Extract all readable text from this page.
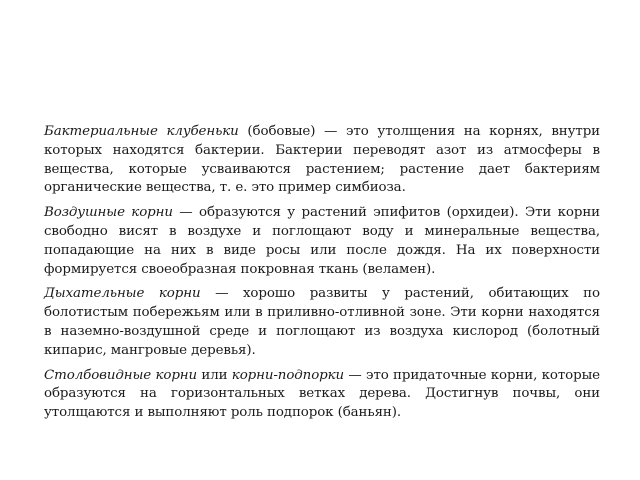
Бактериальные клубеньки (бобовые) — это утолщения на корнях, внутри которых находятся бактерии. Бактерии переводят азот из атмосферы в вещества, которые усваиваются растением; растение дает бактериям органические вещества, т. е. это пример симбиоза.

Воздушные корни — образуются у растений эпифитов (орхидеи). Эти корни свободно висят в воздухе и поглощают воду и минеральные вещества, попадающие на них в виде росы или после дождя. На их поверхности формируется своеобразная покровная ткань (веламен).

Дыхательные корни — хорошо развиты у растений, обитающих по болотистым побережьям или в приливно-отливной зоне. Эти корни находятся в наземно-воздушной среде и поглощают из воздуха кислород (болотный кипарис, мангровые деревья).

Столбовидные корни или корни-подпорки — это придаточные корни, которые образуются на горизонтальных ветках дерева. Достигнув почвы, они утолщаются и выполняют роль подпорок (баньян).
